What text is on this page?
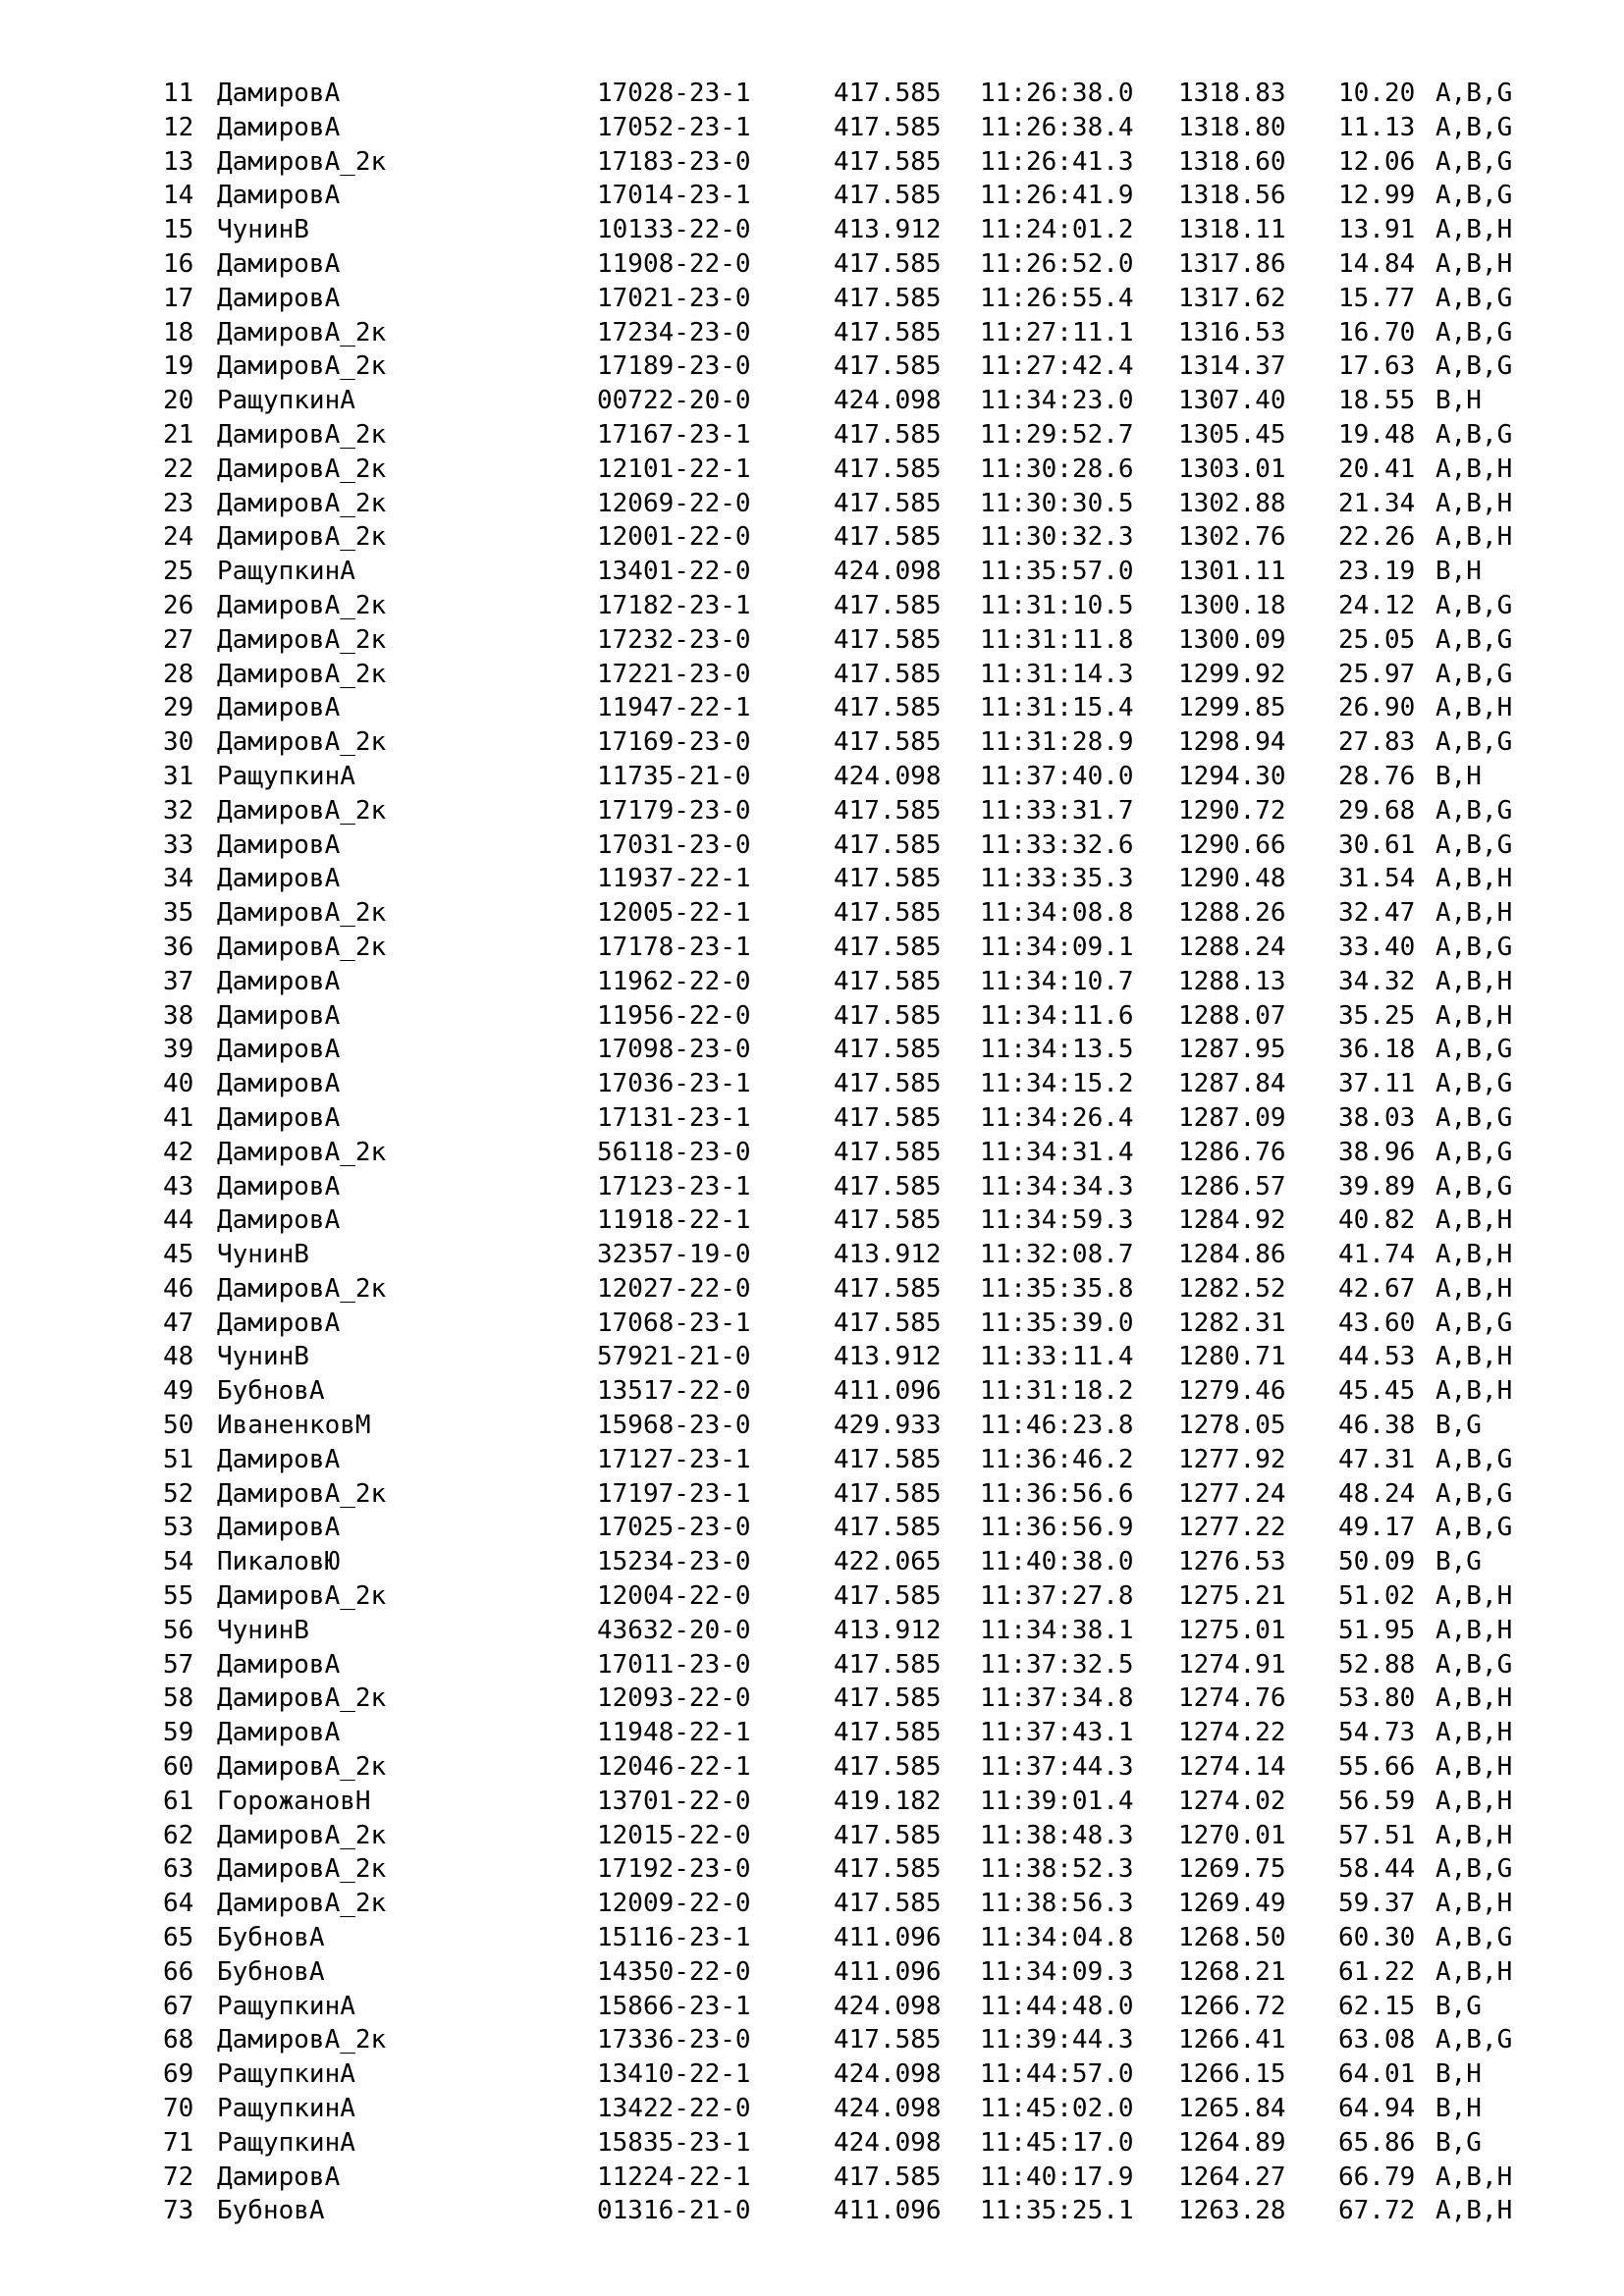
11 ДамировА	17028-23-1	417.585 11:26:38.0 1318.83 10.20 A,B,G
12 ДамировА	17052-23-1	417.585 11:26:38.4 1318.80 11.13 A,B,G
13 ДамировА_2к	17183-23-0	417.585 11:26:41.3 1318.60 12.06 A,B,G
14 ДамировА	17014-23-1	417.585 11:26:41.9 1318.56 12.99 A,B,G
15 ЧунинВ	10133-22-0	413.912 11:24:01.2 1318.11 13.91 A,B,H
16 ДамировА	11908-22-0	417.585 11:26:52.0 1317.86 14.84 A,B,H
17 ДамировА	17021-23-0	417.585 11:26:55.4 1317.62 15.77 A,B,G
18 ДамировА_2к	17234-23-0	417.585 11:27:11.1 1316.53 16.70 A,B,G
19 ДамировА_2к	17189-23-0	417.585 11:27:42.4 1314.37 17.63 A,B,G
20 РащупкинА	00722-20-0	424.098 11:34:23.0 1307.40 18.55 B,H
21 ДамировА_2к	17167-23-1	417.585 11:29:52.7 1305.45 19.48 A,B,G
22 ДамировА_2к	12101-22-1	417.585 11:30:28.6 1303.01 20.41 A,B,H
23 ДамировА_2к	12069-22-0	417.585 11:30:30.5 1302.88 21.34 A,B,H
24 ДамировА_2к	12001-22-0	417.585 11:30:32.3 1302.76 22.26 A,B,H
25 РащупкинА	13401-22-0	424.098 11:35:57.0 1301.11 23.19 B,H
26 ДамировА_2к	17182-23-1	417.585 11:31:10.5 1300.18 24.12 A,B,G
27 ДамировА_2к	17232-23-0	417.585 11:31:11.8 1300.09 25.05 A,B,G
28 ДамировА_2к	17221-23-0	417.585 11:31:14.3 1299.92 25.97 A,B,G
29 ДамировА	11947-22-1	417.585 11:31:15.4 1299.85 26.90 A,B,H
30 ДамировА_2к	17169-23-0	417.585 11:31:28.9 1298.94 27.83 A,B,G
31 РащупкинА	11735-21-0	424.098 11:37:40.0 1294.30 28.76 B,H
32 ДамировА_2к	17179-23-0	417.585 11:33:31.7 1290.72 29.68 A,B,G
33 ДамировА	17031-23-0	417.585 11:33:32.6 1290.66 30.61 A,B,G
34 ДамировА	11937-22-1	417.585 11:33:35.3 1290.48 31.54 A,B,H
35 ДамировА_2к	12005-22-1	417.585 11:34:08.8 1288.26 32.47 A,B,H
36 ДамировА_2к	17178-23-1	417.585 11:34:09.1 1288.24 33.40 A,B,G
37 ДамировА	11962-22-0	417.585 11:34:10.7 1288.13 34.32 A,B,H
38 ДамировА	11956-22-0	417.585 11:34:11.6 1288.07 35.25 A,B,H
39 ДамировА	17098-23-0	417.585 11:34:13.5 1287.95 36.18 A,B,G
40 ДамировА	17036-23-1	417.585 11:34:15.2 1287.84 37.11 A,B,G
41 ДамировА	17131-23-1	417.585 11:34:26.4 1287.09 38.03 A,B,G
42 ДамировА_2к	56118-23-0	417.585 11:34:31.4 1286.76 38.96 A,B,G
43 ДамировА	17123-23-1	417.585 11:34:34.3 1286.57 39.89 A,B,G
44 ДамировА	11918-22-1	417.585 11:34:59.3 1284.92 40.82 A,B,H
45 ЧунинВ	32357-19-0	413.912 11:32:08.7 1284.86 41.74 A,B,H
46 ДамировА_2к	12027-22-0	417.585 11:35:35.8 1282.52 42.67 A,B,H
47 ДамировА	17068-23-1	417.585 11:35:39.0 1282.31 43.60 A,B,G
48 ЧунинВ	57921-21-0	413.912 11:33:11.4 1280.71 44.53 A,B,H
49 БубновА	13517-22-0	411.096 11:31:18.2 1279.46 45.45 A,B,H
50 ИваненковМ	15968-23-0	429.933 11:46:23.8 1278.05 46.38 B,G
51 ДамировА	17127-23-1	417.585 11:36:46.2 1277.92 47.31 A,B,G
52 ДамировА_2к	17197-23-1	417.585 11:36:56.6 1277.24 48.24 A,B,G
53 ДамировА	17025-23-0	417.585 11:36:56.9 1277.22 49.17 A,B,G
54 ПикаловЮ	15234-23-0	422.065 11:40:38.0 1276.53 50.09 B,G
55 ДамировА_2к	12004-22-0	417.585 11:37:27.8 1275.21 51.02 A,B,H
56 ЧунинВ	43632-20-0	413.912 11:34:38.1 1275.01 51.95 A,B,H
57 ДамировА	17011-23-0	417.585 11:37:32.5 1274.91 52.88 A,B,G
58 ДамировА_2к	12093-22-0	417.585 11:37:34.8 1274.76 53.80 A,B,H
59 ДамировА	11948-22-1	417.585 11:37:43.1 1274.22 54.73 A,B,H
60 ДамировА_2к	12046-22-1	417.585 11:37:44.3 1274.14 55.66 A,B,H
61 ГорожановН	13701-22-0	419.182 11:39:01.4 1274.02 56.59 A,B,H
62 ДамировА_2к	12015-22-0	417.585 11:38:48.3 1270.01 57.51 A,B,H
63 ДамировА_2к	17192-23-0	417.585 11:38:52.3 1269.75 58.44 A,B,G
64 ДамировА_2к	12009-22-0	417.585 11:38:56.3 1269.49 59.37 A,B,H
65 БубновА	15116-23-1	411.096 11:34:04.8 1268.50 60.30 A,B,G
66 БубновА	14350-22-0	411.096 11:34:09.3 1268.21 61.22 A,B,H
67 РащупкинА	15866-23-1	424.098 11:44:48.0 1266.72 62.15 B,G
68 ДамировА_2к	17336-23-0	417.585 11:39:44.3 1266.41 63.08 A,B,G
69 РащупкинА	13410-22-1	424.098 11:44:57.0 1266.15 64.01 B,H
70 РащупкинА	13422-22-0	424.098 11:45:02.0 1265.84 64.94 B,H
71 РащупкинА	15835-23-1	424.098 11:45:17.0 1264.89 65.86 B,G
72 ДамировА	11224-22-1	417.585 11:40:17.9 1264.27 66.79 A,B,H
73 БубновА	01316-21-0	411.096 11:35:25.1 1263.28 67.72 A,B,H
